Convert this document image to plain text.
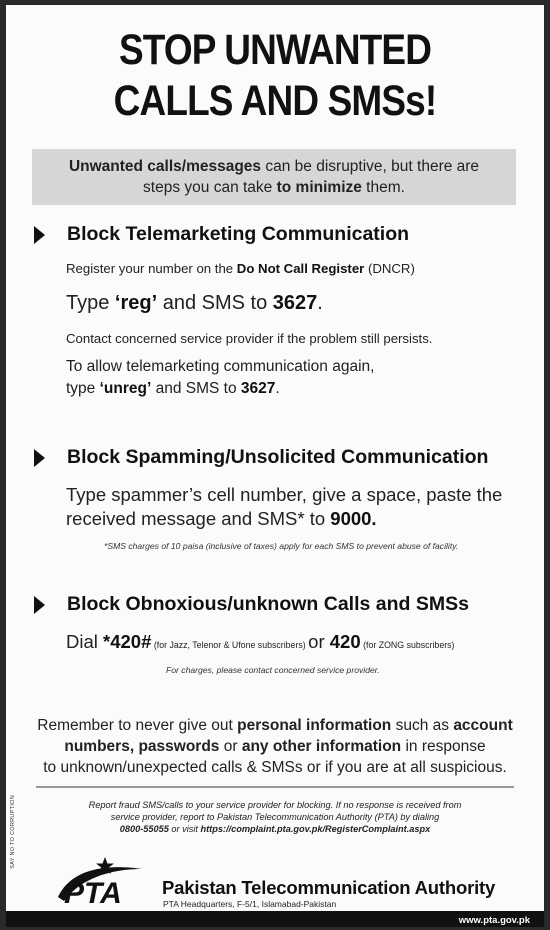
STOP UNWANTED
CALLS AND SMSs!
Unwanted calls/messages can be disruptive, but there are
steps you can take to minimize them.
Block Telemarketing Communication
Register your number on the Do Not Call Register (DNCR)
Type ‘reg’ and SMS to 3627.
Contact concerned service provider if the problem still persists.
To allow telemarketing communication again,
type ‘unreg’ and SMS to 3627.
Block Spamming/Unsolicited Communication
Type spammer’s cell number, give a space, paste the
received message and SMS* to 9000.
*SMS charges of 10 paisa (inclusive of taxes) apply for each SMS to prevent abuse of facility.
Block Obnoxious/unknown Calls and SMSs
Dial *420# (for Jazz, Telenor & Ufone subscribers) or 420 (for ZONG subscribers)
For charges, please contact concerned service provider.
Remember to never give out personal information such as account
numbers, passwords or any other information in response
to unknown/unexpected calls & SMSs or if you are at all suspicious.
Report fraud SMS/calls to your service provider for blocking. If no response is received from
service provider, report to Pakistan Telecommunication Authority (PTA) by dialing
0800-55055 or visit https://complaint.pta.gov.pk/RegisterComplaint.aspx
SAY NO TO CORRUPTION
PTA Pakistan Telecommunication Authority
PTA Headquarters, F-5/1, Islamabad-Pakistan
www.pta.gov.pk
